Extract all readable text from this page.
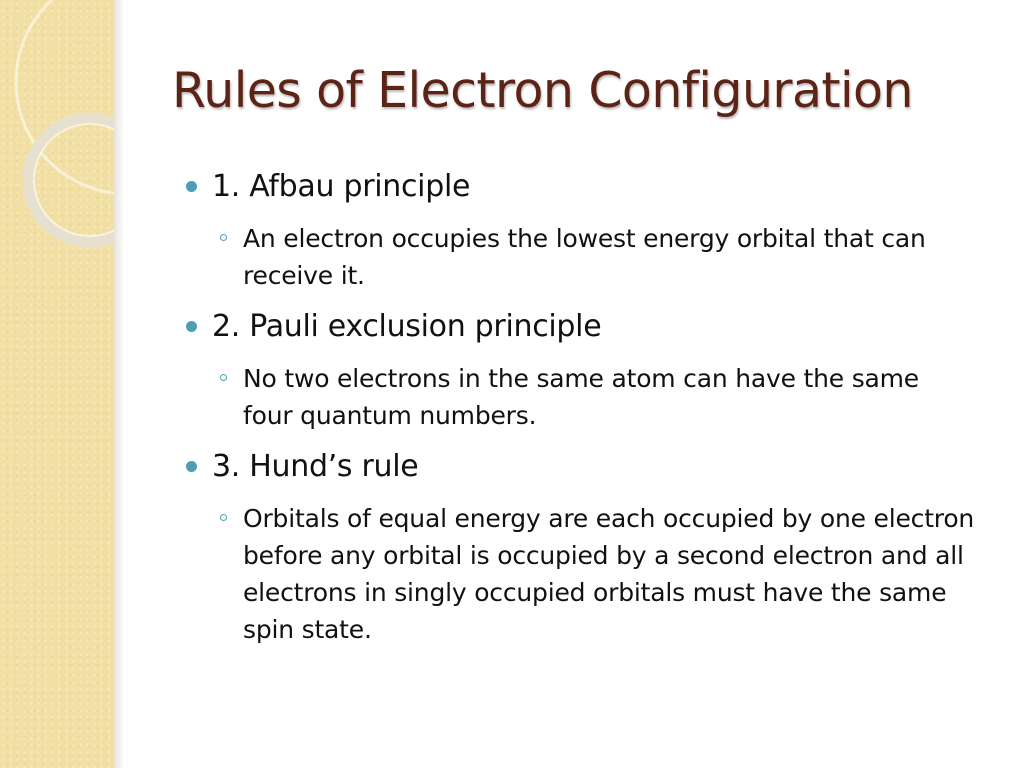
Rules of Electron Configuration
1. Afbau principle
An electron occupies the lowest energy orbital that can receive it.
2. Pauli exclusion principle
No two electrons in the same atom can have the same four quantum numbers.
3. Hund’s rule
Orbitals of equal energy are each occupied by one electron before any orbital is occupied by a second electron and all electrons in singly occupied orbitals must have the same spin state.
